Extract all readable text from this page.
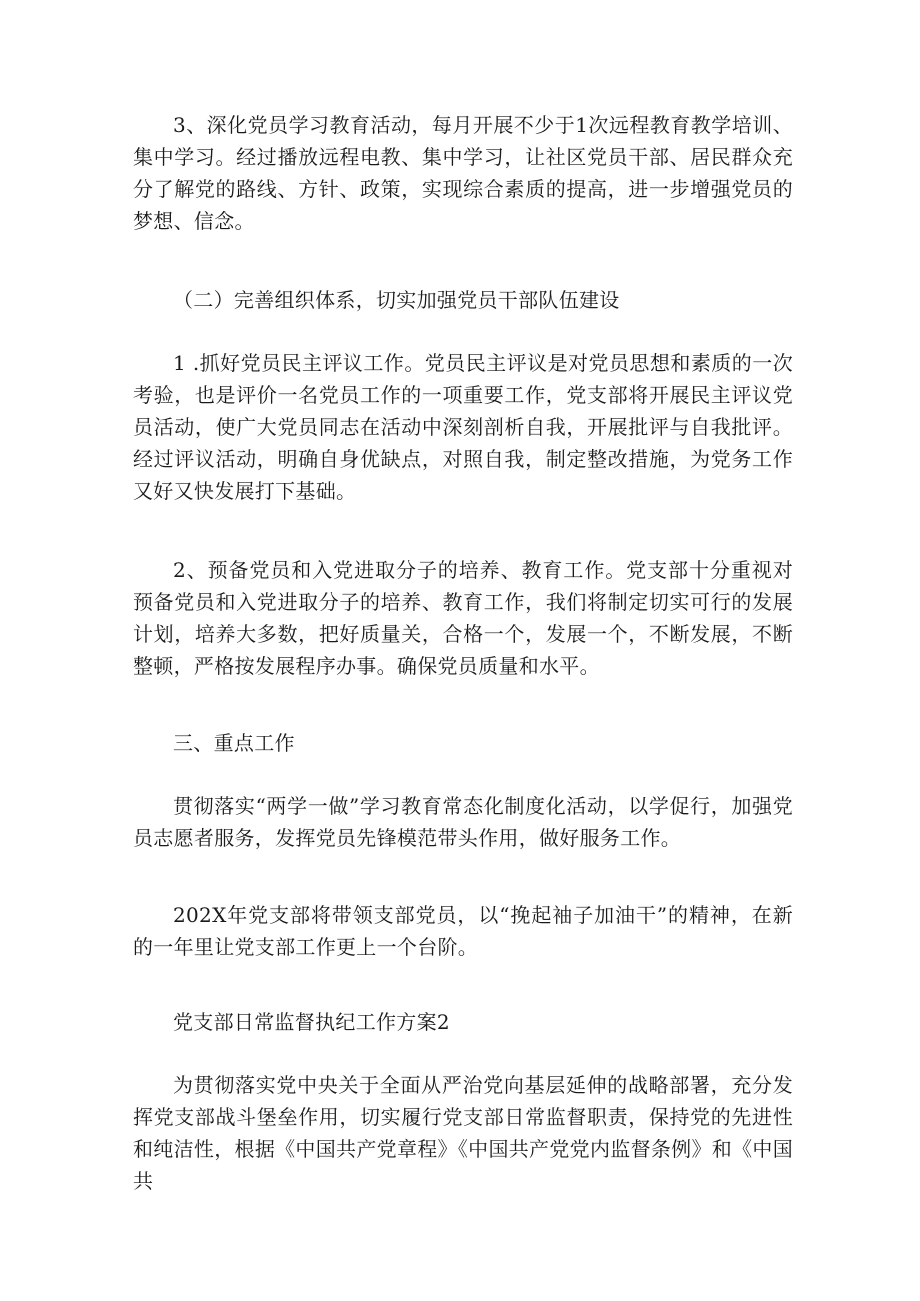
3、深化党员学习教育活动，每月开展不少于1次远程教育教学培训、集中学习。经过播放远程电教、集中学习，让社区党员干部、居民群众充分了解党的路线、方针、政策，实现综合素质的提高，进一步增强党员的梦想、信念。

（二）完善组织体系，切实加强党员干部队伍建设

1 .抓好党员民主评议工作。党员民主评议是对党员思想和素质的一次考验，也是评价一名党员工作的一项重要工作，党支部将开展民主评议党员活动，使广大党员同志在活动中深刻剖析自我，开展批评与自我批评。经过评议活动，明确自身优缺点，对照自我，制定整改措施，为党务工作又好又快发展打下基础。

2、预备党员和入党进取分子的培养、教育工作。党支部十分重视对预备党员和入党进取分子的培养、教育工作，我们将制定切实可行的发展计划，培养大多数，把好质量关，合格一个，发展一个，不断发展，不断整顿，严格按发展程序办事。确保党员质量和水平。

三、重点工作

贯彻落实“两学一做”学习教育常态化制度化活动，以学促行，加强党员志愿者服务，发挥党员先锋模范带头作用，做好服务工作。

202X年党支部将带领支部党员，以“挽起袖子加油干”的精神，在新的一年里让党支部工作更上一个台阶。

党支部日常监督执纪工作方案2

为贯彻落实党中央关于全面从严治党向基层延伸的战略部署，充分发挥党支部战斗堡垒作用，切实履行党支部日常监督职责，保持党的先进性和纯洁性，根据《中国共产党章程》《中国共产党党内监督条例》和《中国共
